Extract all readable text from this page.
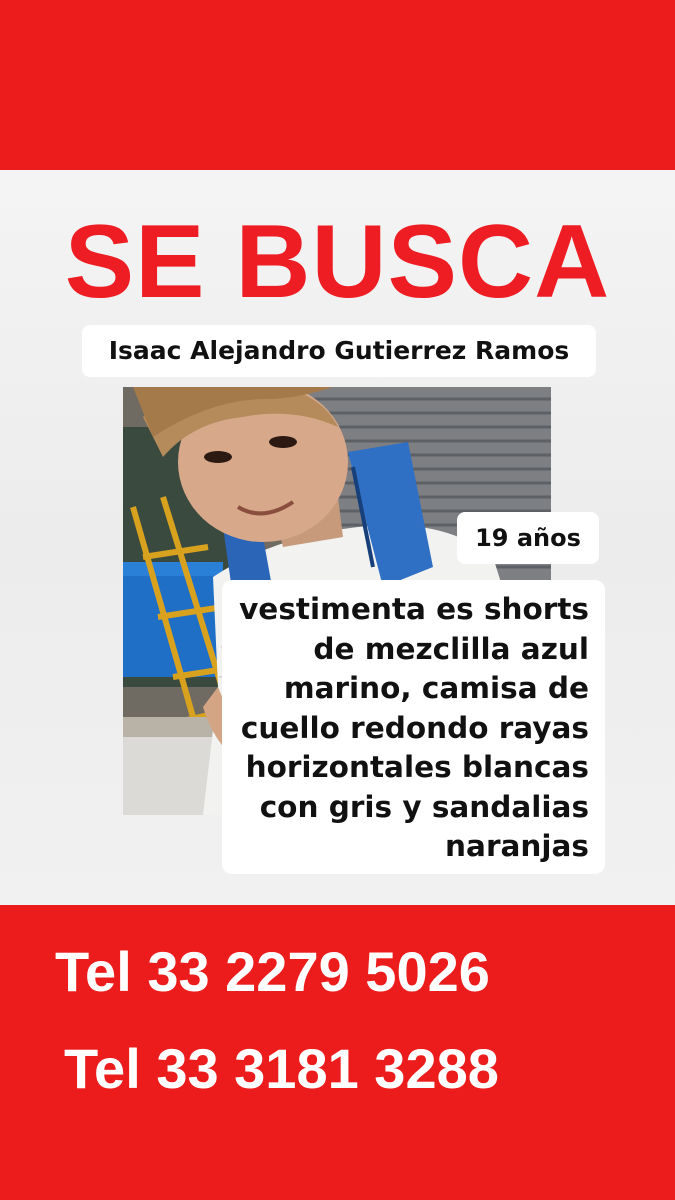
SE BUSCA
Isaac Alejandro Gutierrez Ramos
19 años
vestimenta es shorts
de mezclilla azul
marino, camisa de
cuello redondo rayas
horizontales blancas
con gris y sandalias
naranjas
Tel 33 2279 5026
Tel 33 3181 3288
